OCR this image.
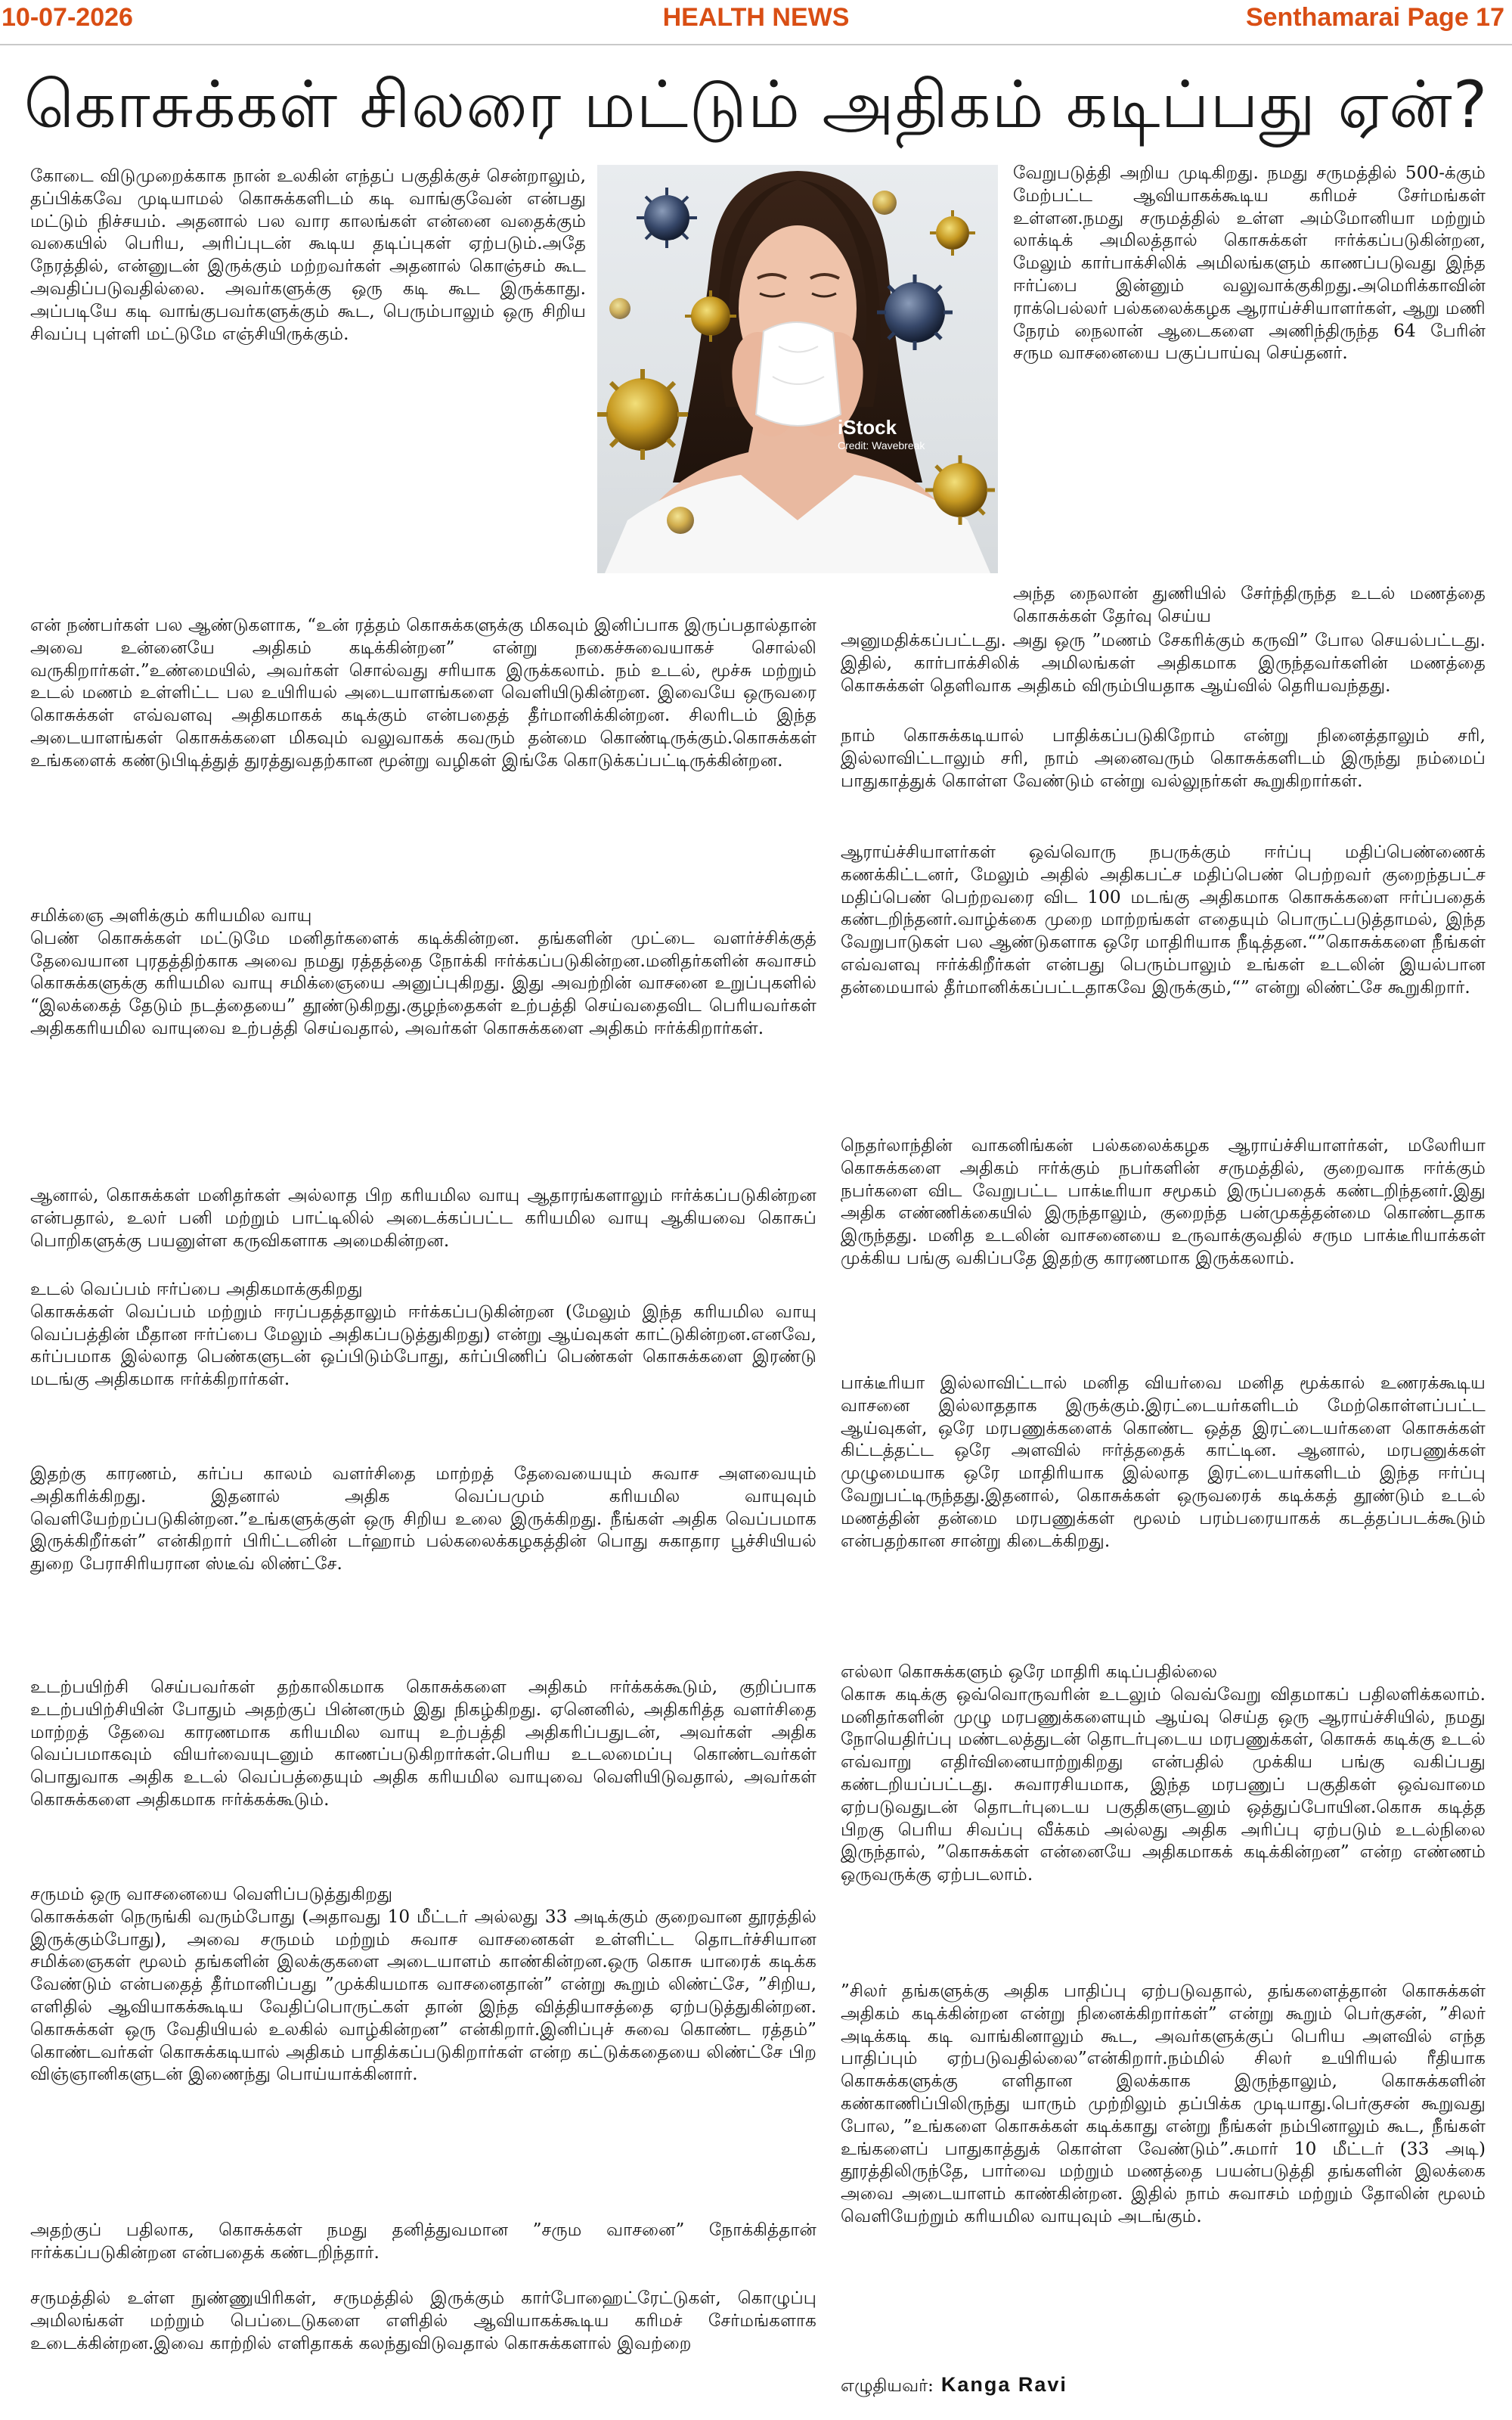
10-07-2026	HEALTH NEWS	Senthamarai Page 17
கொசுக்கள் சிலரை மட்டும் அதிகம் கடிப்பது ஏன்?

கோடை விடுமுறைக்காக நான் உலகின் எந்தப் பகுதிக்குச் சென்றாலும், தப்பிக்கவே முடியாமல் கொசுக்களிடம் கடி வாங்குவேன் என்பது மட்டும் நிச்சயம். அதனால் பல வார காலங்கள் என்னை வதைக்கும் வகையில் பெரிய, அரிப்புடன் கூடிய தடிப்புகள் ஏற்படும்.அதே நேரத்தில், என்னுடன் இருக்கும் மற்றவர்கள் அதனால் கொஞ்சம் கூட அவதிப்படுவதில்லை. அவர்களுக்கு ஒரு கடி கூட இருக்காது. அப்படியே கடி வாங்குபவர்களுக்கும் கூட, பெரும்பாலும் ஒரு சிறிய சிவப்பு புள்ளி மட்டுமே எஞ்சியிருக்கும்.

iStock
Credit: Wavebreak

என் நண்பர்கள் பல ஆண்டுகளாக, “உன் ரத்தம் கொசுக்களுக்கு மிகவும் இனிப்பாக இருப்பதால்தான் அவை உன்னையே அதிகம் கடிக்கின்றன” என்று நகைச்சுவையாகச் சொல்லி வருகிறார்கள்.”உண்மையில், அவர்கள் சொல்வது சரியாக இருக்கலாம். நம் உடல், மூச்சு மற்றும் உடல் மணம் உள்ளிட்ட பல உயிரியல் அடையாளங்களை வெளியிடுகின்றன. இவையே ஒருவரை கொசுக்கள் எவ்வளவு அதிகமாகக் கடிக்கும் என்பதைத் தீர்மானிக்கின்றன. சிலரிடம் இந்த அடையாளங்கள் கொசுக்களை மிகவும் வலுவாகக் கவரும் தன்மை கொண்டிருக்கும்.கொசுக்கள் உங்களைக் கண்டுபிடித்துத் துரத்துவதற்கான மூன்று வழிகள் இங்கே கொடுக்கப்பட்டிருக்கின்றன.

சமிக்ஞை அளிக்கும் கரியமில வாயு
பெண் கொசுக்கள் மட்டுமே மனிதர்களைக் கடிக்கின்றன. தங்களின் முட்டை வளர்ச்சிக்குத் தேவையான புரதத்திற்காக அவை நமது ரத்தத்தை நோக்கி ஈர்க்கப்படுகின்றன.மனிதர்களின் சுவாசம் கொசுக்களுக்கு கரியமில வாயு சமிக்ஞையை அனுப்புகிறது. இது அவற்றின் வாசனை உறுப்புகளில் “இலக்கைத் தேடும் நடத்தையை” தூண்டுகிறது.குழந்தைகள் உற்பத்தி செய்வதைவிட பெரியவர்கள் அதிககரியமில வாயுவை உற்பத்தி செய்வதால், அவர்கள் கொசுக்களை அதிகம் ஈர்க்கிறார்கள்.

ஆனால், கொசுக்கள் மனிதர்கள் அல்லாத பிற கரியமில வாயு ஆதாரங்களாலும் ஈர்க்கப்படுகின்றன என்பதால், உலர் பனி மற்றும் பாட்டிலில் அடைக்கப்பட்ட கரியமில வாயு ஆகியவை கொசுப் பொறிகளுக்கு பயனுள்ள கருவிகளாக அமைகின்றன.

உடல் வெப்பம் ஈர்ப்பை அதிகமாக்குகிறது
கொசுக்கள் வெப்பம் மற்றும் ஈரப்பதத்தாலும் ஈர்க்கப்படுகின்றன (மேலும் இந்த கரியமில வாயு வெப்பத்தின் மீதான ஈர்ப்பை மேலும் அதிகப்படுத்துகிறது) என்று ஆய்வுகள் காட்டுகின்றன.எனவே, கர்ப்பமாக இல்லாத பெண்களுடன் ஒப்பிடும்போது, கர்ப்பிணிப் பெண்கள் கொசுக்களை இரண்டு மடங்கு அதிகமாக ஈர்க்கிறார்கள்.

இதற்கு காரணம், கர்ப்ப காலம் வளர்சிதை மாற்றத் தேவையையும் சுவாச அளவையும் அதிகரிக்கிறது. இதனால் அதிக வெப்பமும் கரியமில வாயுவும் வெளியேற்றப்படுகின்றன.”உங்களுக்குள் ஒரு சிறிய உலை இருக்கிறது. நீங்கள் அதிக வெப்பமாக இருக்கிறீர்கள்” என்கிறார் பிரிட்டனின் டர்ஹாம் பல்கலைக்கழகத்தின் பொது சுகாதார பூச்சியியல் துறை பேராசிரியரான ஸ்டீவ் லிண்ட்சே.

உடற்பயிற்சி செய்பவர்கள் தற்காலிகமாக கொசுக்களை அதிகம் ஈர்க்கக்கூடும், குறிப்பாக உடற்பயிற்சியின் போதும் அதற்குப் பின்னரும் இது நிகழ்கிறது. ஏனெனில், அதிகரித்த வளர்சிதை மாற்றத் தேவை காரணமாக கரியமில வாயு உற்பத்தி அதிகரிப்பதுடன், அவர்கள் அதிக வெப்பமாகவும் வியர்வையுடனும் காணப்படுகிறார்கள்.பெரிய உடலமைப்பு கொண்டவர்கள் பொதுவாக அதிக உடல் வெப்பத்தையும் அதிக கரியமில வாயுவை வெளியிடுவதால், அவர்கள் கொசுக்களை அதிகமாக ஈர்க்கக்கூடும்.

சருமம் ஒரு வாசனையை வெளிப்படுத்துகிறது
கொசுக்கள் நெருங்கி வரும்போது (அதாவது 10 மீட்டர் அல்லது 33 அடிக்கும் குறைவான தூரத்தில் இருக்கும்போது), அவை சருமம் மற்றும் சுவாச வாசனைகள் உள்ளிட்ட தொடர்ச்சியான சமிக்ஞைகள் மூலம் தங்களின் இலக்குகளை அடையாளம் காண்கின்றன.ஒரு கொசு யாரைக் கடிக்க வேண்டும் என்பதைத் தீர்மானிப்பது ”முக்கியமாக வாசனைதான்” என்று கூறும் லிண்ட்சே, ”சிறிய, எளிதில் ஆவியாகக்கூடிய வேதிப்பொருட்கள் தான் இந்த வித்தியாசத்தை ஏற்படுத்துகின்றன. கொசுக்கள் ஒரு வேதியியல் உலகில் வாழ்கின்றன” என்கிறார்.இனிப்புச் சுவை கொண்ட ரத்தம்” கொண்டவர்கள் கொசுக்கடியால் அதிகம் பாதிக்கப்படுகிறார்கள் என்ற கட்டுக்கதையை லிண்ட்சே பிற விஞ்ஞானிகளுடன் இணைந்து பொய்யாக்கினார்.

அதற்குப் பதிலாக, கொசுக்கள் நமது தனித்துவமான ”சரும வாசனை” நோக்கித்தான் ஈர்க்கப்படுகின்றன என்பதைக் கண்டறிந்தார்.

சருமத்தில் உள்ள நுண்ணுயிரிகள், சருமத்தில் இருக்கும் கார்போஹைட்ரேட்டுகள், கொழுப்பு அமிலங்கள் மற்றும் பெப்டைடுகளை எளிதில் ஆவியாகக்கூடிய கரிமச் சேர்மங்களாக உடைக்கின்றன.இவை காற்றில் எளிதாகக் கலந்துவிடுவதால் கொசுக்களால் இவற்றை

வேறுபடுத்தி அறிய முடிகிறது. நமது சருமத்தில் 500-க்கும் மேற்பட்ட ஆவியாகக்கூடிய கரிமச் சேர்மங்கள் உள்ளன.நமது சருமத்தில் உள்ள அம்மோனியா மற்றும் லாக்டிக் அமிலத்தால் கொசுக்கள் ஈர்க்கப்படுகின்றன, மேலும் கார்பாக்சிலிக் அமிலங்களும் காணப்படுவது இந்த ஈர்ப்பை இன்னும் வலுவாக்குகிறது.அமெரிக்காவின் ராக்பெல்லர் பல்கலைக்கழக ஆராய்ச்சியாளர்கள், ஆறு மணி நேரம் நைலான் ஆடைகளை அணிந்திருந்த 64 பேரின் சரும வாசனையை பகுப்பாய்வு செய்தனர்.

அந்த நைலான் துணியில் சேர்ந்திருந்த உடல் மணத்தை கொசுக்கள் தேர்வு செய்ய

அனுமதிக்கப்பட்டது. அது ஒரு ”மணம் சேகரிக்கும் கருவி” போல செயல்பட்டது. இதில், கார்பாக்சிலிக் அமிலங்கள் அதிகமாக இருந்தவர்களின் மணத்தை கொசுக்கள் தெளிவாக அதிகம் விரும்பியதாக ஆய்வில் தெரியவந்தது.

நாம் கொசுக்கடியால் பாதிக்கப்படுகிறோம் என்று நினைத்தாலும் சரி, இல்லாவிட்டாலும் சரி, நாம் அனைவரும் கொசுக்களிடம் இருந்து நம்மைப் பாதுகாத்துக் கொள்ள வேண்டும் என்று வல்லுநர்கள் கூறுகிறார்கள்.

ஆராய்ச்சியாளர்கள் ஒவ்வொரு நபருக்கும் ஈர்ப்பு மதிப்பெண்ணைக் கணக்கிட்டனர், மேலும் அதில் அதிகபட்ச மதிப்பெண் பெற்றவர் குறைந்தபட்ச மதிப்பெண் பெற்றவரை விட 100 மடங்கு அதிகமாக கொசுக்களை ஈர்ப்பதைக் கண்டறிந்தனர்.வாழ்க்கை முறை மாற்றங்கள் எதையும் பொருட்படுத்தாமல், இந்த வேறுபாடுகள் பல ஆண்டுகளாக ஒரே மாதிரியாக நீடித்தன.“”கொசுக்களை நீங்கள் எவ்வளவு ஈர்க்கிறீர்கள் என்பது பெரும்பாலும் உங்கள் உடலின் இயல்பான தன்மையால் தீர்மானிக்கப்பட்டதாகவே இருக்கும்,“” என்று லிண்ட்சே கூறுகிறார்.

நெதர்லாந்தின் வாகனிங்கன் பல்கலைக்கழக ஆராய்ச்சியாளர்கள், மலேரியா கொசுக்களை அதிகம் ஈர்க்கும் நபர்களின் சருமத்தில், குறைவாக ஈர்க்கும் நபர்களை விட வேறுபட்ட பாக்டீரியா சமூகம் இருப்பதைக் கண்டறிந்தனர்.இது அதிக எண்ணிக்கையில் இருந்தாலும், குறைந்த பன்முகத்தன்மை கொண்டதாக இருந்தது. மனித உடலின் வாசனையை உருவாக்குவதில் சரும பாக்டீரியாக்கள் முக்கிய பங்கு வகிப்பதே இதற்கு காரணமாக இருக்கலாம்.

பாக்டீரியா இல்லாவிட்டால் மனித வியர்வை மனித மூக்கால் உணரக்கூடிய வாசனை இல்லாததாக இருக்கும்.இரட்டையர்களிடம் மேற்கொள்ளப்பட்ட ஆய்வுகள், ஒரே மரபணுக்களைக் கொண்ட ஒத்த இரட்டையர்களை கொசுக்கள் கிட்டத்தட்ட ஒரே அளவில் ஈர்த்ததைக் காட்டின. ஆனால், மரபணுக்கள் முழுமையாக ஒரே மாதிரியாக இல்லாத இரட்டையர்களிடம் இந்த ஈர்ப்பு வேறுபட்டிருந்தது.இதனால், கொசுக்கள் ஒருவரைக் கடிக்கத் தூண்டும் உடல் மணத்தின் தன்மை மரபணுக்கள் மூலம் பரம்பரையாகக் கடத்தப்படக்கூடும் என்பதற்கான சான்று கிடைக்கிறது.

எல்லா கொசுக்களும் ஒரே மாதிரி கடிப்பதில்லை
கொசு கடிக்கு ஒவ்வொருவரின் உடலும் வெவ்வேறு விதமாகப் பதிலளிக்கலாம். மனிதர்களின் முழு மரபணுக்களையும் ஆய்வு செய்த ஒரு ஆராய்ச்சியில், நமது நோயெதிர்ப்பு மண்டலத்துடன் தொடர்புடைய மரபணுக்கள், கொசுக் கடிக்கு உடல் எவ்வாறு எதிர்வினையாற்றுகிறது என்பதில் முக்கிய பங்கு வகிப்பது கண்டறியப்பட்டது. சுவாரசியமாக, இந்த மரபணுப் பகுதிகள் ஒவ்வாமை ஏற்படுவதுடன் தொடர்புடைய பகுதிகளுடனும் ஒத்துப்போயின.கொசு கடித்த பிறகு பெரிய சிவப்பு வீக்கம் அல்லது அதிக அரிப்பு ஏற்படும் உடல்நிலை இருந்தால், ”கொசுக்கள் என்னையே அதிகமாகக் கடிக்கின்றன” என்ற எண்ணம் ஒருவருக்கு ஏற்படலாம்.

”சிலர் தங்களுக்கு அதிக பாதிப்பு ஏற்படுவதால், தங்களைத்தான் கொசுக்கள் அதிகம் கடிக்கின்றன என்று நினைக்கிறார்கள்” என்று கூறும் பெர்குசன், ”சிலர் அடிக்கடி கடி வாங்கினாலும் கூட, அவர்களுக்குப் பெரிய அளவில் எந்த பாதிப்பும் ஏற்படுவதில்லை”என்கிறார்.நம்மில் சிலர் உயிரியல் ரீதியாக கொசுக்களுக்கு எளிதான இலக்காக இருந்தாலும், கொசுக்களின் கண்காணிப்பிலிருந்து யாரும் முற்றிலும் தப்பிக்க முடியாது.பெர்குசன் கூறுவது போல, ”உங்களை கொசுக்கள் கடிக்காது என்று நீங்கள் நம்பினாலும் கூட, நீங்கள் உங்களைப் பாதுகாத்துக் கொள்ள வேண்டும்”.சுமார் 10 மீட்டர் (33 அடி) தூரத்திலிருந்தே, பார்வை மற்றும் மணத்தை பயன்படுத்தி தங்களின் இலக்கை அவை அடையாளம் காண்கின்றன. இதில் நாம் சுவாசம் மற்றும் தோலின் மூலம் வெளியேற்றும் கரியமில வாயுவும் அடங்கும்.

எழுதியவர்: Kanga Ravi
